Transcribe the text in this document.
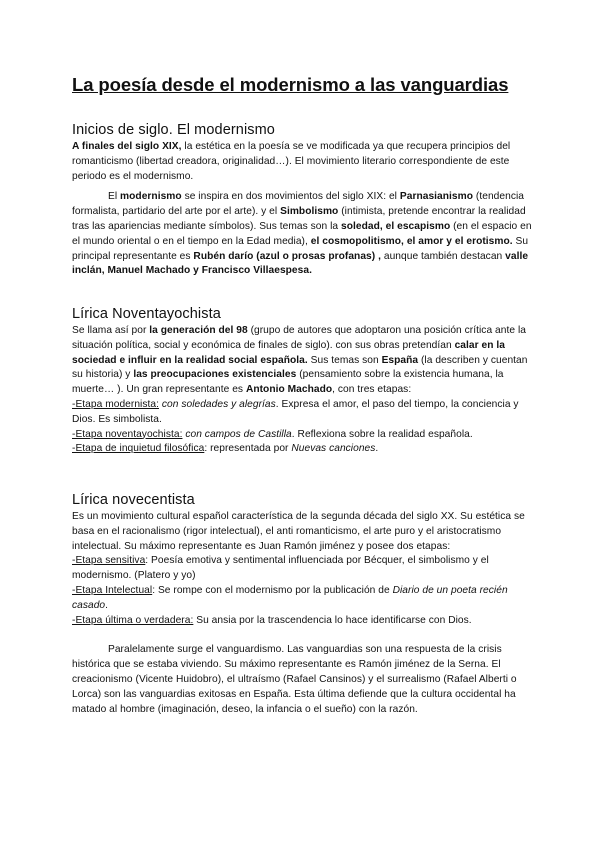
La poesía desde el modernismo a las vanguardias
Inicios de siglo. El modernismo

A finales del siglo XIX, la estética en la poesía se ve modificada ya que recupera principios del romanticismo (libertad creadora, originalidad…). El movimiento literario correspondiente de este periodo es el modernismo.

El modernismo se inspira en dos movimientos del siglo XIX: el Parnasianismo (tendencia formalista, partidario del arte por el arte). y el Simbolismo (intimista, pretende encontrar la realidad tras las apariencias mediante símbolos). Sus temas son la soledad, el escapismo (en el espacio en el mundo oriental o en el tiempo en la Edad media), el cosmopolitismo, el amor y el erotismo. Su principal representante es Rubén darío (azul o prosas profanas) , aunque también destacan valle inclán, Manuel Machado y Francisco Villaespesa.

Lírica Noventayochista

Se llama así por la generación del 98 (grupo de autores que adoptaron una posición crítica ante la situación política, social y económica de finales de siglo). con sus obras pretendían calar en la sociedad e influir en la realidad social española. Sus temas son España (la describen y cuentan su historia) y las preocupaciones existenciales (pensamiento sobre la existencia humana, la muerte… ). Un gran representante es Antonio Machado, con tres etapas:

-Etapa modernista: con soledades y alegrías. Expresa el amor, el paso del tiempo, la conciencia y Dios. Es simbolista.

-Etapa noventayochista: con campos de Castilla. Reflexiona sobre la realidad española.

-Etapa de inquietud filosófica: representada por Nuevas canciones.

Lírica novecentista

Es un movimiento cultural español característica de la segunda década del siglo XX. Su estética se basa en el racionalismo (rigor intelectual), el anti romanticismo, el arte puro y el aristocratismo intelectual. Su máximo representante es Juan Ramón jiménez y posee dos etapas:

-Etapa sensitiva: Poesía emotiva y sentimental influenciada por Bécquer, el simbolismo y el modernismo. (Platero y yo)

-Etapa Intelectual: Se rompe con el modernismo por la publicación de Diario de un poeta recién casado.

-Etapa última o verdadera: Su ansia por la trascendencia lo hace identificarse con Dios.

Paralelamente surge el vanguardismo. Las vanguardias son una respuesta de la crisis histórica que se estaba viviendo. Su máximo representante es Ramón jiménez de la Serna. El creacionismo (Vicente Huidobro), el ultraísmo (Rafael Cansinos) y el surrealismo (Rafael Alberti o Lorca) son las vanguardias exitosas en España. Esta última defiende que la cultura occidental ha matado al hombre (imaginación, deseo, la infancia o el sueño) con la razón.
